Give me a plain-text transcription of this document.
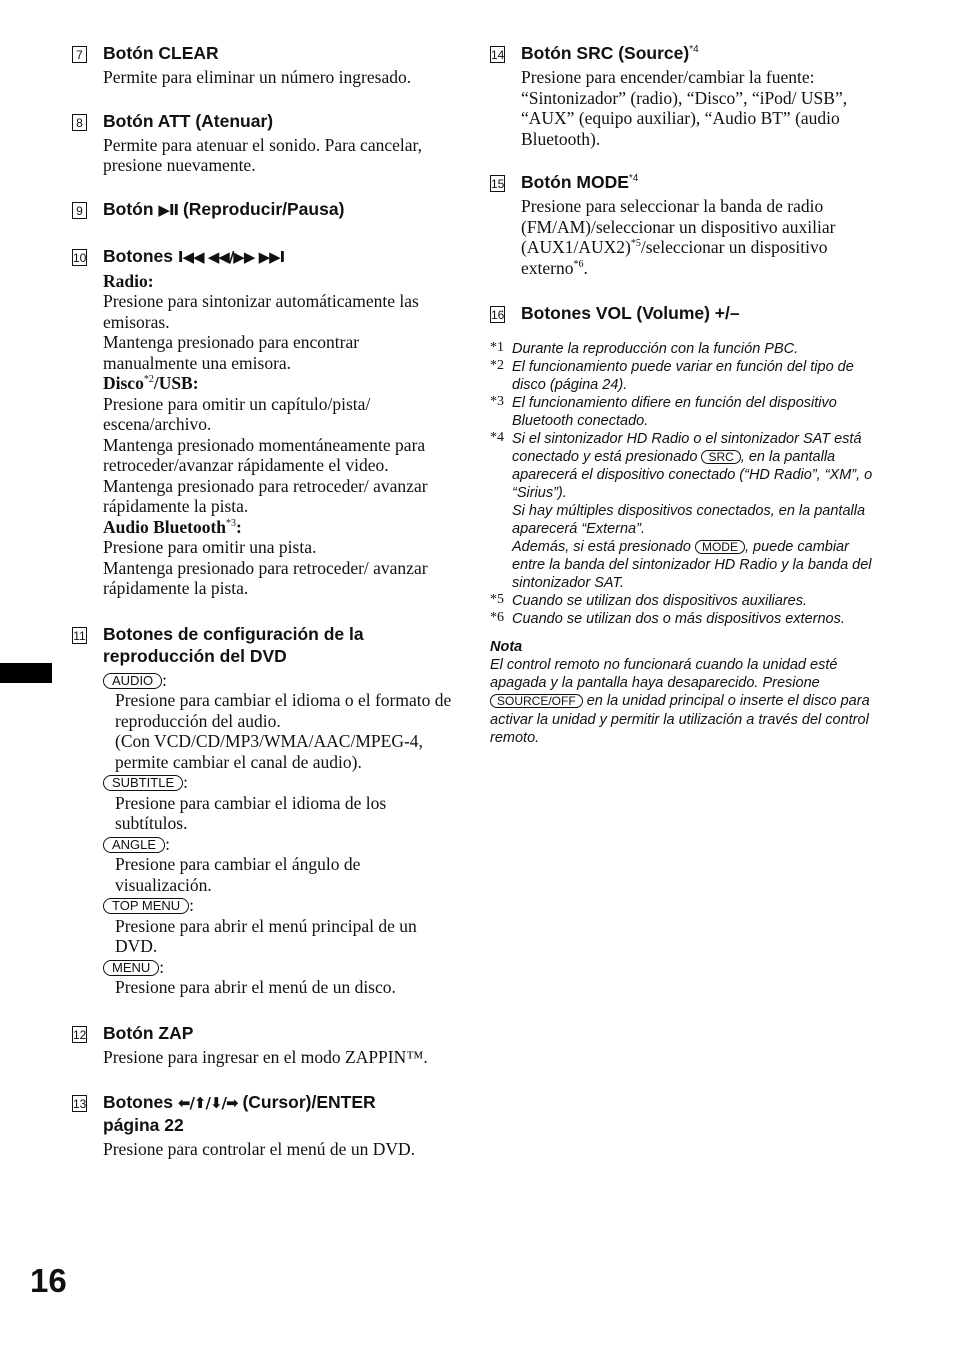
7 Botón CLEAR

Permite para eliminar un número ingresado.

8 Botón ATT (Atenuar)

Permite para atenuar el sonido. Para cancelar, presione nuevamente.

9 Botón ▶II (Reproducir/Pausa)
10 Botones I◀◀ ◀◀/▶▶ ▶▶I

Radio:

Presione para sintonizar automáticamente las emisoras.

Mantenga presionado para encontrar manualmente una emisora.

Disco$^{*2}$/USB:

Presione para omitir un capítulo/pista/ escena/archivo.

Mantenga presionado momentáneamente para retroceder/avanzar rápidamente el video.

Mantenga presionado para retroceder/ avanzar rápidamente la pista.

Audio Bluetooth$^{*3}$:

Presione para omitir una pista.

Mantenga presionado para retroceder/ avanzar rápidamente la pista.

11 Botones de configuración de la reproducción del DVD

AUDIO :

Presione para cambiar el idioma o el formato de reproducción del audio.

(Con VCD/CD/MP3/WMA/AAC/MPEG-4, permite cambiar el canal de audio).

SUBTITLE :

Presione para cambiar el idioma de los subtítulos.

ANGLE :

Presione para cambiar el ángulo de visualización.

TOP MENU :

Presione para abrir el menú principal de un DVD.

MENU :

Presione para abrir el menú de un disco.

12 Botón ZAP

Presione para ingresar en el modo ZAPPIN™.

13 Botones ⬅/⬆/⬇/➡ (Cursor)/ENTER
página 22

Presione para controlar el menú de un DVD.

14 Botón SRC (Source)$^{*4}$

Presione para encender/cambiar la fuente: “Sintonizador” (radio), “Disco”, “iPod/ USB”, “AUX” (equipo auxiliar), “Audio BT” (audio Bluetooth).

15 Botón MODE$^{*4}$

Presione para seleccionar la banda de radio (FM/AM)/seleccionar un dispositivo auxiliar $(AUX1/AUX2)^{*5}$/seleccionar un dispositivo externo$^{*6}$.

16 Botones VOL (Volume) +/–
*1 Durante la reproducción con la función PBC.
*2 El funcionamiento puede variar en función del tipo de disco (página 24).
*3 El funcionamiento difiere en función del dispositivo Bluetooth conectado.
*4 Si el sintonizador HD Radio o el sintonizador SAT está conectado y está presionado SRC , en la pantalla aparecerá el dispositivo conectado (“HD Radio”, “XM”, o “Sirius”).
Si hay múltiples dispositivos conectados, en la pantalla aparecerá “Externa”.
Además, si está presionado MODE , puede cambiar entre la banda del sintonizador HD Radio y la banda del sintonizador SAT.
*5 Cuando se utilizan dos dispositivos auxiliares.
*6 Cuando se utilizan dos o más dispositivos externos.
Nota
El control remoto no funcionará cuando la unidad esté apagada y la pantalla haya desaparecido. Presione SOURCE/OFF en la unidad principal o inserte el disco para activar la unidad y permitir la utilización a través del control remoto.
16
